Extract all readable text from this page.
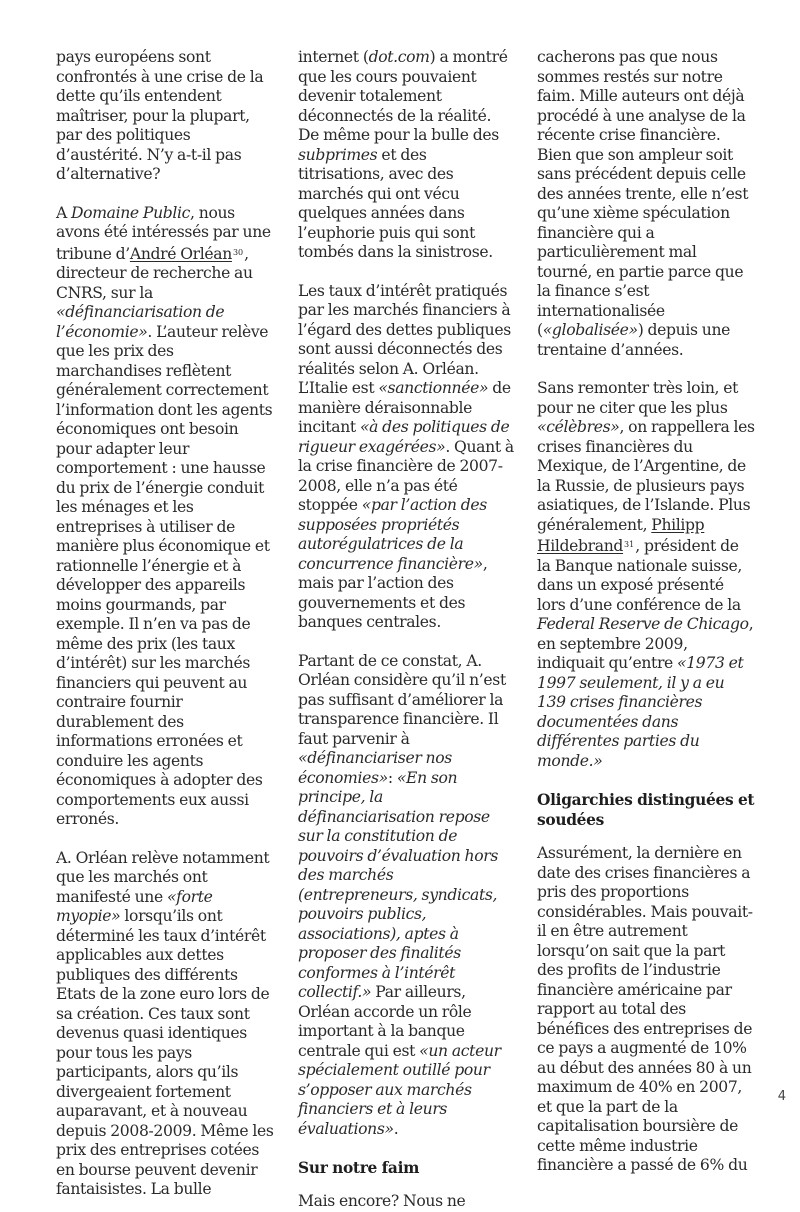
pays européens sont confrontés à une crise de la dette qu’ils entendent maîtriser, pour la plupart, par des politiques d’austérité. N’y a-t-il pas d’alternative?

A Domaine Public, nous avons été intéressés par une tribune d’André Orléan$^{30}$, directeur de recherche au CNRS, sur la «définanciarisation de l’économie». L’auteur relève que les prix des marchandises reflètent généralement correctement l’information dont les agents économiques ont besoin pour adapter leur comportement : une hausse du prix de l’énergie conduit les ménages et les entreprises à utiliser de manière plus économique et rationnelle l’énergie et à développer des appareils moins gourmands, par exemple. Il n’en va pas de même des prix (les taux d’intérêt) sur les marchés financiers qui peuvent au contraire fournir durablement des informations erronées et conduire les agents économiques à adopter des comportements eux aussi erronés.

A. Orléan relève notamment que les marchés ont manifesté une «forte myopie» lorsqu’ils ont déterminé les taux d’intérêt applicables aux dettes publiques des différents Etats de la zone euro lors de sa création. Ces taux sont devenus quasi identiques pour tous les pays participants, alors qu’ils divergeaient fortement auparavant, et à nouveau depuis 2008-2009. Même les prix des entreprises cotées en bourse peuvent devenir fantaisistes. La bulle

internet (dot.com) a montré que les cours pouvaient devenir totalement déconnectés de la réalité. De même pour la bulle des subprimes et des titrisations, avec des marchés qui ont vécu quelques années dans l’euphorie puis qui sont tombés dans la sinistrose.

Les taux d’intérêt pratiqués par les marchés financiers à l’égard des dettes publiques sont aussi déconnectés des réalités selon A. Orléan. L’Italie est «sanctionnée» de manière déraisonnable incitant «à des politiques de rigueur exagérées». Quant à la crise financière de 2007-2008, elle n’a pas été stoppée «par l’action des supposées propriétés autorégulatrices de la concurrence financière», mais par l’action des gouvernements et des banques centrales.

Partant de ce constat, A. Orléan considère qu’il n’est pas suffisant d’améliorer la transparence financière. Il faut parvenir à «définanciariser nos économies»: «En son principe, la définanciarisation repose sur la constitution de pouvoirs d’évaluation hors des marchés (entrepreneurs, syndicats, pouvoirs publics, associations), aptes à proposer des finalités conformes à l’intérêt collectif.» Par ailleurs, Orléan accorde un rôle important à la banque centrale qui est «un acteur spécialement outillé pour s’opposer aux marchés financiers et à leurs évaluations».

Sur notre faim

Mais encore? Nous ne

cacherons pas que nous sommes restés sur notre faim. Mille auteurs ont déjà procédé à une analyse de la récente crise financière. Bien que son ampleur soit sans précédent depuis celle des années trente, elle n’est qu’une xième spéculation financière qui a particulièrement mal tourné, en partie parce que la finance s’est internationalisée («globalisée») depuis une trentaine d’années.

Sans remonter très loin, et pour ne citer que les plus «célèbres», on rappellera les crises financières du Mexique, de l’Argentine, de la Russie, de plusieurs pays asiatiques, de l’Islande. Plus généralement, Philipp Hildebrand$^{31}$, président de la Banque nationale suisse, dans un exposé présenté lors d’une conférence de la Federal Reserve de Chicago, en septembre 2009, indiquait qu’entre «1973 et 1997 seulement, il y a eu 139 crises financières documentées dans différentes parties du monde.»

Oligarchies distinguées et soudées

Assurément, la dernière en date des crises financières a pris des proportions considérables. Mais pouvait-il en être autrement lorsqu’on sait que la part des profits de l’industrie financière américaine par rapport au total des bénéfices des entreprises de ce pays a augmenté de 10% au début des années 80 à un maximum de 40% en 2007, et que la part de la capitalisation boursière de cette même industrie financière a passé de 6% du

4
